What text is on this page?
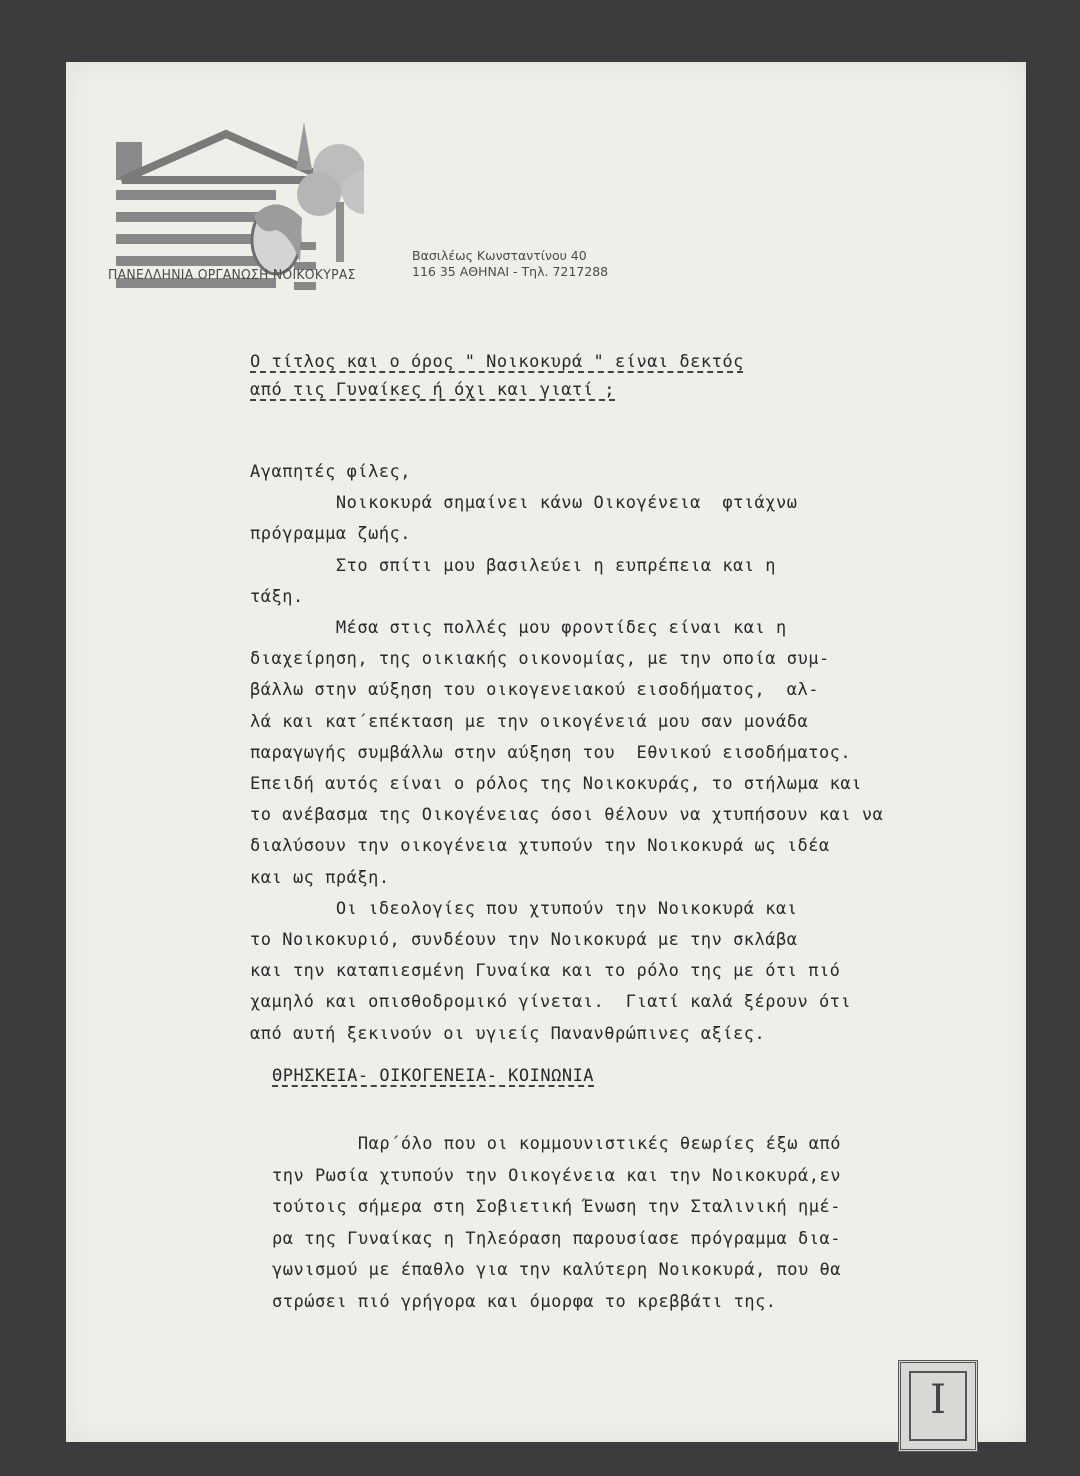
ΠΑΝΕΛΛΗΝΙΑ ΟΡΓΑΝΩΣΗ ΝΟΙΚΟΚΥΡΑΣ
Βασιλέως Κωνσταντίνου 40
116 35 ΑΘΗΝΑΙ - Τηλ. 7217288
Ο τίτλος και ο όρος " Νοικοκυρά " είναι δεκτός
από τις Γυναίκες ή όχι και γιατί ;
Αγαπητές φίλες,
Νοικοκυρά σημαίνει κάνω Οικογένεια  φτιάχνω
πρόγραμμα ζωής.
Στο σπίτι μου βασιλεύει η ευπρέπεια και η
τάξη.
Μέσα στις πολλές μου φροντίδες είναι και η
διαχείρηση, της οικιακής οικονομίας, με την οποία συμ-
βάλλω στην αύξηση του οικογενειακού εισοδήματος,  αλ-
λά και κατ΄επέκταση με την οικογένειά μου σαν μονάδα
παραγωγής συμβάλλω στην αύξηση του  Εθνικού εισοδήματος.
Επειδή αυτός είναι ο ρόλος της Νοικοκυράς, το στήλωμα και
το ανέβασμα της Οικογένειας όσοι θέλουν να χτυπήσουν και να
διαλύσουν την οικογένεια χτυπούν την Νοικοκυρά ως ιδέα
και ως πράξη.
Οι ιδεολογίες που χτυπούν την Νοικοκυρά και
το Νοικοκυριό, συνδέουν την Νοικοκυρά με την σκλάβα
και την καταπιεσμένη Γυναίκα και το ρόλο της με ότι πιό
χαμηλό και οπισθοδρομικό γίνεται.  Γιατί καλά ξέρουν ότι
από αυτή ξεκινούν οι υγιείς Πανανθρώπινες αξίες.
ΘΡΗΣΚΕΙΑ- ΟΙΚΟΓΕΝΕΙΑ- ΚΟΙΝΩΝΙΑ
Παρ΄όλο που οι κομμουνιστικές θεωρίες έξω από
την Ρωσία χτυπούν την Οικογένεια και την Νοικοκυρά,εν
τούτοις σήμερα στη Σοβιετική Ένωση την Σταλινική ημέ-
ρα της Γυναίκας η Τηλεόραση παρουσίασε πρόγραμμα δια-
γωνισμού με έπαθλο για την καλύτερη Νοικοκυρά, που θα
στρώσει πιό γρήγορα και όμορφα το κρεββάτι της.
Ι
